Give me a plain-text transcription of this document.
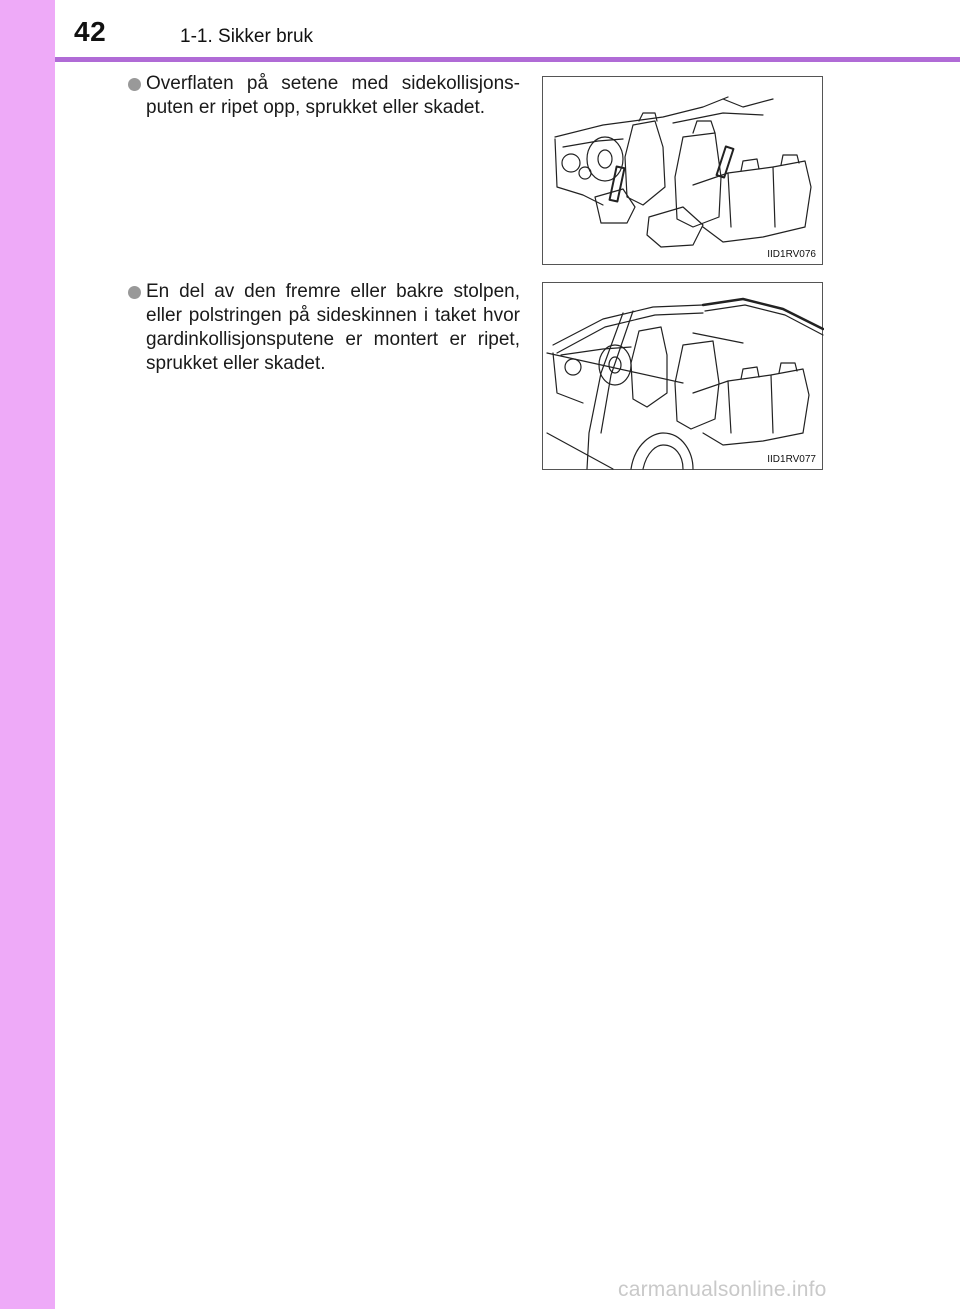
42	1-1. Sikker bruk
Overflaten på setene med sidekollisjons-puten er ripet opp, sprukket eller skadet.
En del av den fremre eller bakre stolpen, eller polstringen på sideskinnen i taket hvor gardinkollisjonsputene er montert er ripet, sprukket eller skadet.
IID1RV076
IID1RV077
carmanualsonline.info
